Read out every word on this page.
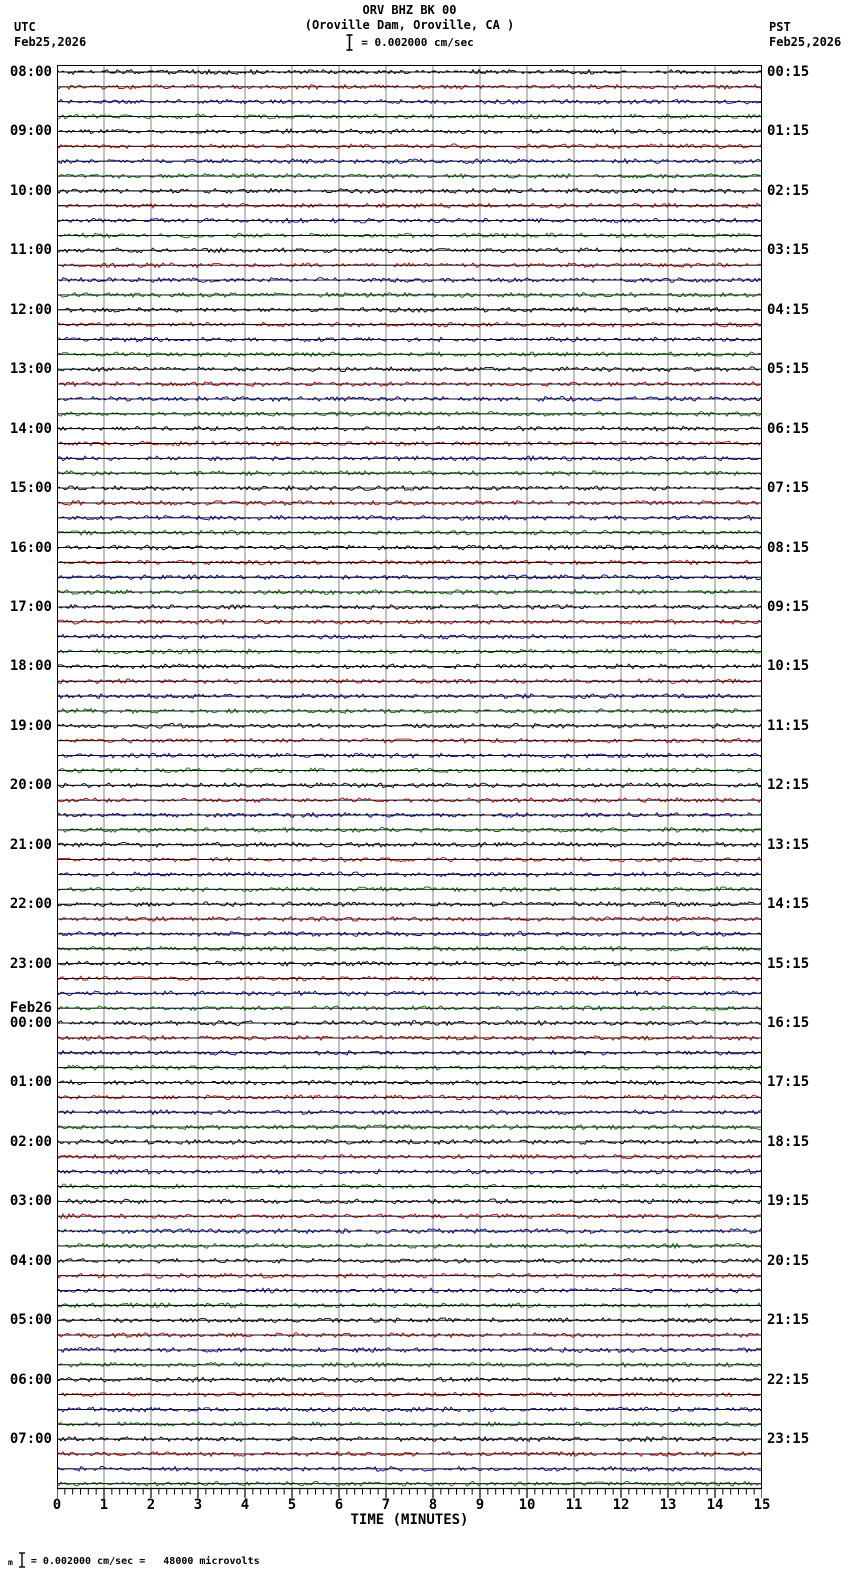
ORV BHZ BK 00
(Oroville Dam, Oroville, CA )
UTC
Feb25,2026
PST
Feb25,2026
= 0.002000 cm/sec
08:00
09:00
10:00
11:00
12:00
13:00
14:00
15:00
16:00
17:00
18:00
19:00
20:00
21:00
22:00
23:00
00:00
Feb26
01:00
02:00
03:00
04:00
05:00
06:00
07:00
00:15
01:15
02:15
03:15
04:15
05:15
06:15
07:15
08:15
09:15
10:15
11:15
12:15
13:15
14:15
15:15
16:15
17:15
18:15
19:15
20:15
21:15
22:15
23:15
0	1	2	3	4	5	6	7	8	9	10	11	12	13	14	15
TIME (MINUTES)
m = 0.002000 cm/sec =   48000 microvolts
